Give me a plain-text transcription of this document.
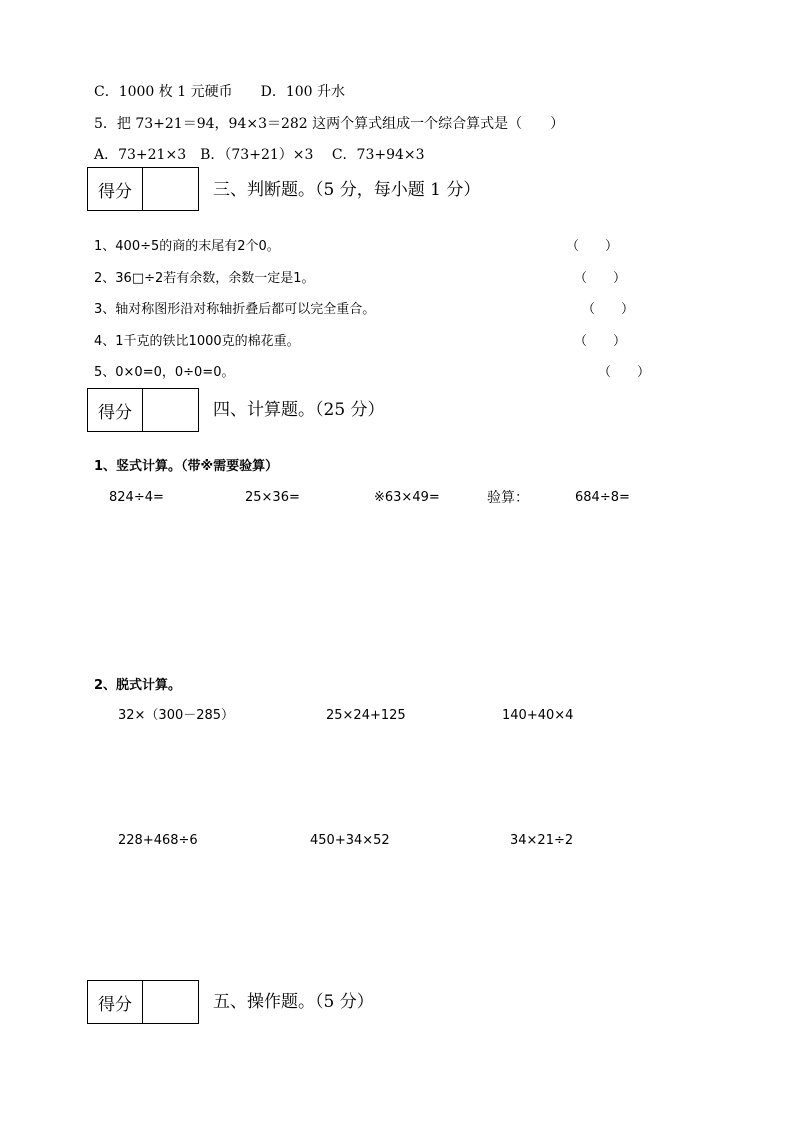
C．1000 枚 1 元硬币　　D．100 升水
5．把 73+21＝94，94×3＝282 这两个算式组成一个综合算式是（　　）
A．73+21×3　B．（73+21）×3　 C．73+94×3
得分	三、判断题。（5 分，每小题 1 分）
1、400÷5的商的末尾有2个0。	（　　）
2、36□÷2若有余数，余数一定是1。	（　　）
3、轴对称图形沿对称轴折叠后都可以完全重合。	（　　）
4、1千克的铁比1000克的棉花重。	（　　）
5、0×0=0，0÷0=0。	（　　）
得分	四、计算题。（25 分）
1、竖式计算。（带※需要验算）
824÷4=	25×36=	※63×49=	验算：	684÷8=
2、脱式计算。
32×（300－285）	25×24+125	140+40×4
228+468÷6	450+34×52	34×21÷2
得分	五、操作题。（5 分）
